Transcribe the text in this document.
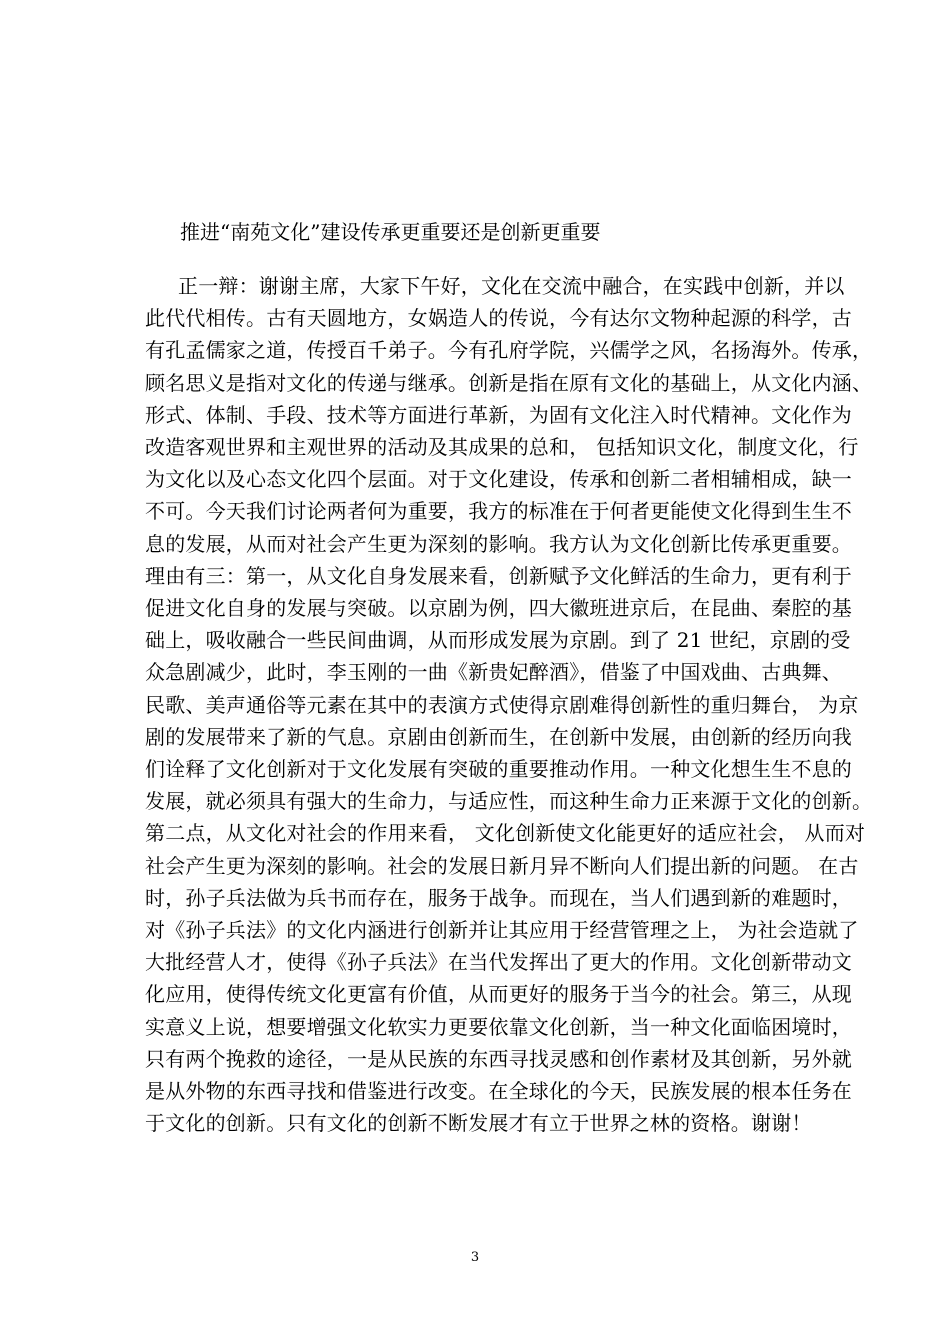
推进“南苑文化”建设传承更重要还是创新更重要
正一辩：谢谢主席，大家下午好，文化在交流中融合，在实践中创新，并以
此代代相传。古有天圆地方，女娲造人的传说，今有达尔文物种起源的科学，古
有孔孟儒家之道，传授百千弟子。今有孔府学院，兴儒学之风，名扬海外。传承，
顾名思义是指对文化的传递与继承。创新是指在原有文化的基础上，从文化内涵、
形式、体制、手段、技术等方面进行革新，为固有文化注入时代精神。文化作为
改造客观世界和主观世界的活动及其成果的总和， 包括知识文化，制度文化，行
为文化以及心态文化四个层面。对于文化建设，传承和创新二者相辅相成，缺一
不可。今天我们讨论两者何为重要，我方的标准在于何者更能使文化得到生生不
息的发展，从而对社会产生更为深刻的影响。我方认为文化创新比传承更重要。
理由有三：第一，从文化自身发展来看，创新赋予文化鲜活的生命力，更有利于
促进文化自身的发展与突破。以京剧为例，四大徽班进京后，在昆曲、秦腔的基
础上，吸收融合一些民间曲调，从而形成发展为京剧。到了 21 世纪，京剧的受
众急剧减少，此时，李玉刚的一曲《新贵妃醉酒》，借鉴了中国戏曲、古典舞、
民歌、美声通俗等元素在其中的表演方式使得京剧难得创新性的重归舞台， 为京
剧的发展带来了新的气息。京剧由创新而生，在创新中发展，由创新的经历向我
们诠释了文化创新对于文化发展有突破的重要推动作用。一种文化想生生不息的
发展，就必须具有强大的生命力，与适应性，而这种生命力正来源于文化的创新。
第二点，从文化对社会的作用来看， 文化创新使文化能更好的适应社会， 从而对
社会产生更为深刻的影响。社会的发展日新月异不断向人们提出新的问题。 在古
时，孙子兵法做为兵书而存在，服务于战争。而现在，当人们遇到新的难题时，
对《孙子兵法》的文化内涵进行创新并让其应用于经营管理之上， 为社会造就了
大批经营人才，使得《孙子兵法》在当代发挥出了更大的作用。文化创新带动文
化应用，使得传统文化更富有价值，从而更好的服务于当今的社会。第三，从现
实意义上说，想要增强文化软实力更要依靠文化创新，当一种文化面临困境时，
只有两个挽救的途径，一是从民族的东西寻找灵感和创作素材及其创新，另外就
是从外物的东西寻找和借鉴进行改变。在全球化的今天，民族发展的根本任务在
于文化的创新。只有文化的创新不断发展才有立于世界之林的资格。谢谢！
3
